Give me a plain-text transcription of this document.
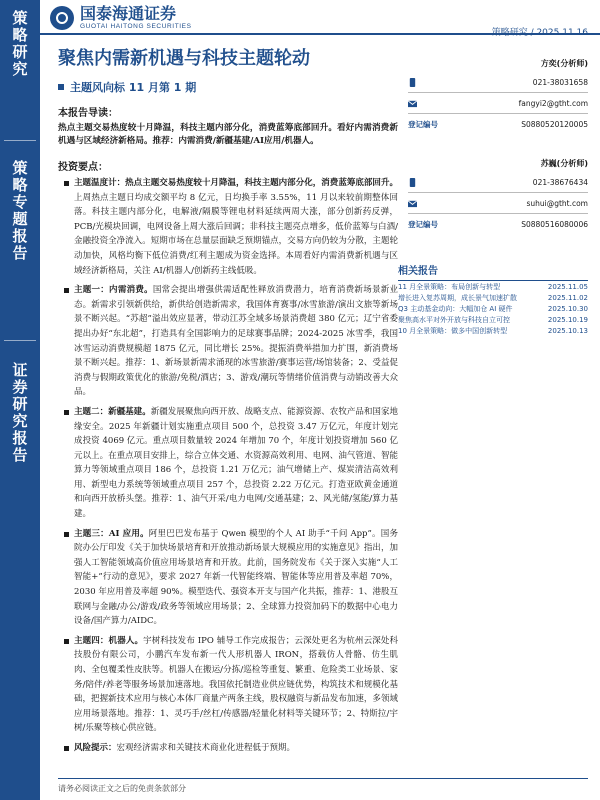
策
略
研
究
策
略
专
题
报
告
证
券
研
究
报
告
国泰海通证券
GUOTAI HAITONG SECURITIES
聚焦内需新机遇与科技主题轮动
主题风向标 11 月第 1 期
本报告导读：
热点主题交易热度较十月降温，科技主题内部分化，消费蓝筹底部回升。看好内需消费新机遇与区域经济新格局。推荐：内需消费/新疆基建/AI应用/机器人。
投资要点：
主题温度计：热点主题交易热度较十月降温，科技主题内部分化，消费蓝筹底部回升。上周热点主题日均成交额平均 8 亿元，日均换手率 3.55%，11 月以来较前期整体回落。科技主题内部分化，电解液/隔膜等锂电材料延续两周大涨，部分创新药反弹，PCB/光模块回调，电网设备上周大涨后回调；非科技主题亮点增多，低价蓝筹与白酒/金融投资全净流入。短期市场在总量层面缺乏预期锚点，交易方向仍较为分散，主题轮动加快，风格均衡下低位消费/红利主题成为资金选择。本周看好内需消费新机遇与区域经济新格局，关注 AI/机器人/创新药主线低吸。
主题一：内需消费。国常会提出增强供需适配性释放消费潜力，培育消费新场景新业态。新需求引领新供给，新供给创造新需求，我国体育赛事/冰雪旅游/演出文旅等新场景不断兴起。“苏超”溢出效应显著，带动江苏全域多场景消费超 380 亿元；辽宁省委提出办好“东北超”，打造具有全国影响力的足球赛事品牌；2024-2025 冰雪季，我国冰雪运动消费规模超 1875 亿元，同比增长 25%。提振消费举措加力扩围，新消费场景不断兴起。推荐：1、新场景新需求涌现的冰雪旅游/赛事运营/场馆装备；2、受益促消费与假期政策优化的旅游/免税/酒店；3、游戏/潮玩等情绪价值消费与动销改善大众品。
主题二：新疆基建。新疆发展聚焦向西开放、战略支点、能源资源、农牧产品和国家地缘安全。2025 年新疆计划实施重点项目 500 个，总投资 3.47 万亿元，年度计划完成投资 4069 亿元。重点项目数量较 2024 年增加 70 个，年度计划投资增加 560 亿元以上。在重点项目安排上，综合立体交通、水资源高效利用、电网、油气管道、智能算力等领域重点项目 186 个，总投资 1.21 万亿元；油气增储上产、煤炭清洁高效利用、新型电力系统等领域重点项目 257 个，总投资 2.22 万亿元。打造亚欧黄金通道和向西开放桥头堡。推荐：1、油气开采/电力电网/交通基建；2、风光储/氢能/算力基建。
主题三：AI 应用。阿里巴巴发布基于 Qwen 模型的个人 AI 助手“千问 App”。国务院办公厅印发《关于加快场景培育和开放推动新场景大规模应用的实施意见》指出，加强人工智能领域高价值应用场景培育和开放。此前，国务院发布《关于深入实施“人工智能+”行动的意见》，要求 2027 年新一代智能终端、智能体等应用普及率超 70%，2030 年应用普及率超 90%。模型迭代、强资本开支与国产化共振，推荐：1、港股互联网与金融/办公/游戏/政务等领域应用场景；2、全球算力投资加码下的数据中心电力设备/国产算力/AIDC。
主题四：机器人。宇树科技发布 IPO 辅导工作完成报告；云深处更名为杭州云深处科技股份有限公司，小鹏汽车发布新一代人形机器人 IRON，搭载仿人骨骼、仿生肌肉、全包覆柔性皮肤等。机器人在搬运/分拣/巡检等重复、繁重、危险类工业场景、家务/陪伴/养老等服务场景加速落地。我国依托制造业供应链优势，构筑技术和规模化基础，把握新技术应用与核心本体厂商量产两条主线，股权融资与新品发布加速，多领域应用场景落地。推荐：1、灵巧手/丝杠/传感器/轻量化材料等关键环节；2、特斯拉/宇树/乐聚等核心供应链。
风险提示：宏观经济需求和关键技术商业化进程低于预期。
请务必阅读正文之后的免责条款部分
方奕(分析师)
021-38031658
fangyi2@gtht.com
登记编号	S0880520120005
苏巍(分析师)
021-38676434
suhui@gtht.com
登记编号	S0880516080006
相关报告
11 月全景策略：布局创新与转型	2025.11.05
增长进入复苏周期，成长景气加速扩散	2025.11.02
Q3 主动基金动向：大幅加仓 AI 硬件	2025.10.30
聚焦高水平对外开放与科技自立可控	2025.10.19
10 月全景策略：做多中国创新转型	2025.10.13
